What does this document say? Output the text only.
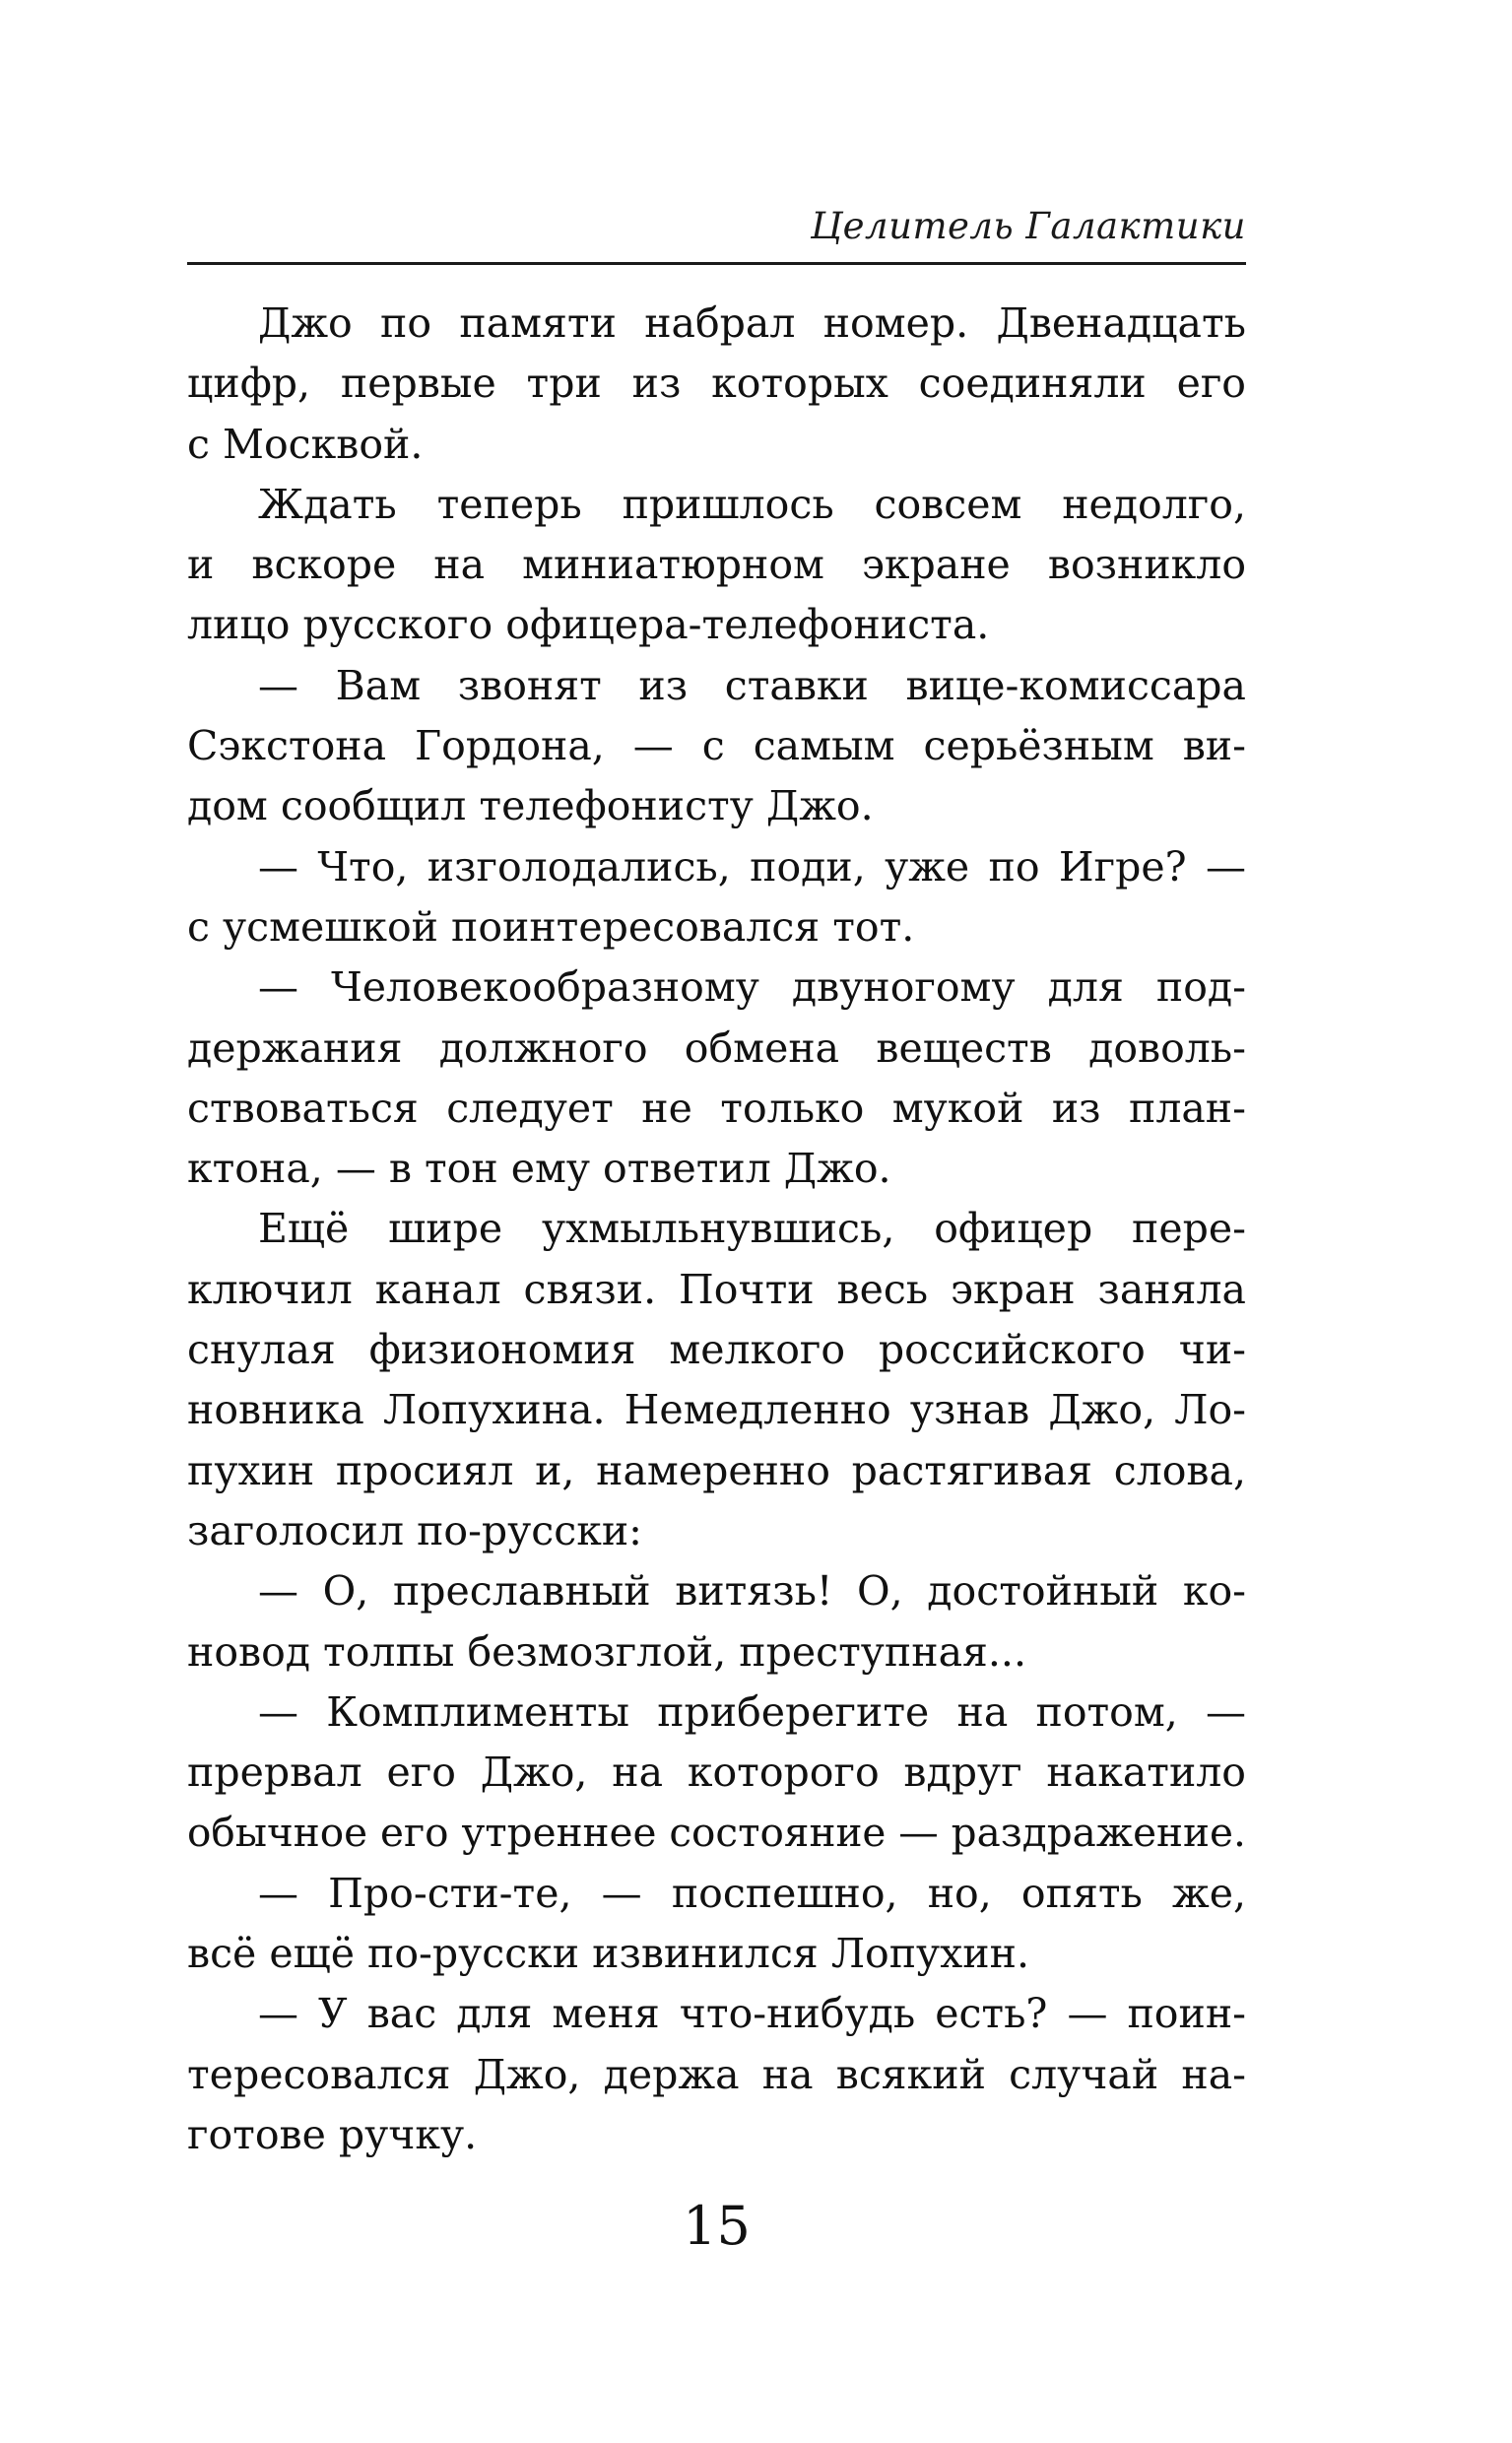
Целитель Галактики

Джо по памяти набрал номер. Двенадцать
цифр, первые три из которых соединяли его
с Москвой.

Ждать теперь пришлось совсем недолго,
и вскоре на миниатюрном экране возникло
лицо русского офицера-телефониста.

— Вам звонят из ставки вице-комиссара
Сэкстона Гордона, — с самым серьёзным ви-
дом сообщил телефонисту Джо.

— Что, изголодались, поди, уже по Игре? —
с усмешкой поинтересовался тот.

— Человекообразному двуногому для под-
держания должного обмена веществ доволь-
ствоваться следует не только мукой из план-
ктона, — в тон ему ответил Джо.

Ещё шире ухмыльнувшись, офицер пере-
ключил канал связи. Почти весь экран заняла
снулая физиономия мелкого российского чи-
новника Лопухина. Немедленно узнав Джо, Ло-
пухин просиял и, намеренно растягивая слова,
заголосил по-русски:

— О, преславный витязь! О, достойный ко-
новод толпы безмозглой, преступная...

— Комплименты приберегите на потом, —
прервал его Джо, на которого вдруг накатило
обычное его утреннее состояние — раздражение.

— Про-сти-те, — поспешно, но, опять же,
всё ещё по-русски извинился Лопухин.

— У вас для меня что-нибудь есть? — поин-
тересовался Джо, держа на всякий случай на-
готове ручку.

15
